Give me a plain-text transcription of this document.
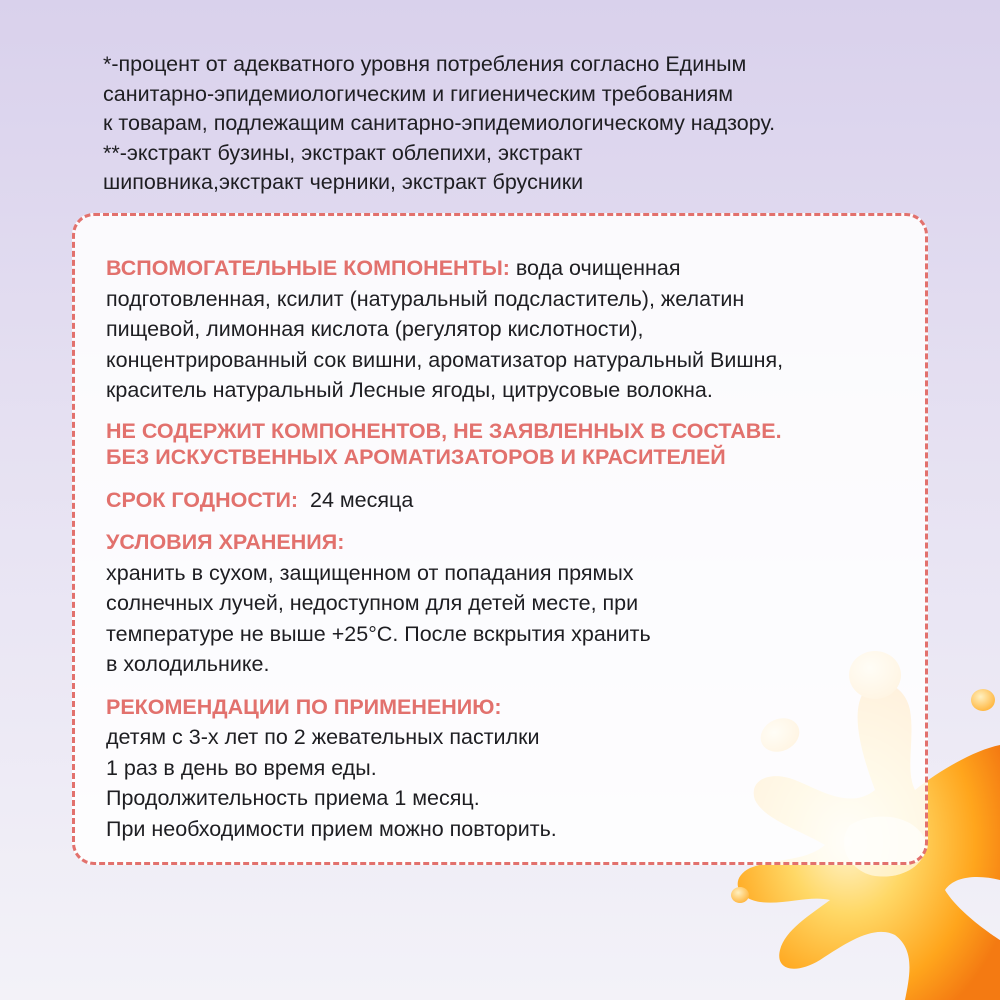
*-процент от адекватного уровня потребления согласно Единым

санитарно-эпидемиологическим и гигиеническим требованиям

к товарам, подлежащим санитарно-эпидемиологическому надзору.

**-экстракт бузины, экстракт облепихи, экстракт

шиповника,экстракт черники, экстракт брусники

ВСПОМОГАТЕЛЬНЫЕ КОМПОНЕНТЫ: вода очищенная

подготовленная, ксилит (натуральный подсластитель), желатин

пищевой, лимонная кислота (регулятор кислотности),

концентрированный сок вишни, ароматизатор натуральный Вишня,

краситель натуральный Лесные ягоды, цитрусовые волокна.

НЕ СОДЕРЖИТ КОМПОНЕНТОВ, НЕ ЗАЯВЛЕННЫХ В СОСТАВЕ.

БЕЗ ИСКУСТВЕННЫХ АРОМАТИЗАТОРОВ И КРАСИТЕЛЕЙ

СРОК ГОДНОСТИ: 24 месяца

УСЛОВИЯ ХРАНЕНИЯ:

хранить в сухом, защищенном от попадания прямых

солнечных лучей, недоступном для детей месте, при

температуре не выше +25°C. После вскрытия хранить

в холодильнике.

РЕКОМЕНДАЦИИ ПО ПРИМЕНЕНИЮ:

детям с 3-х лет по 2 жевательных пастилки

1 раз в день во время еды.

Продолжительность приема 1 месяц.

При необходимости прием можно повторить.
